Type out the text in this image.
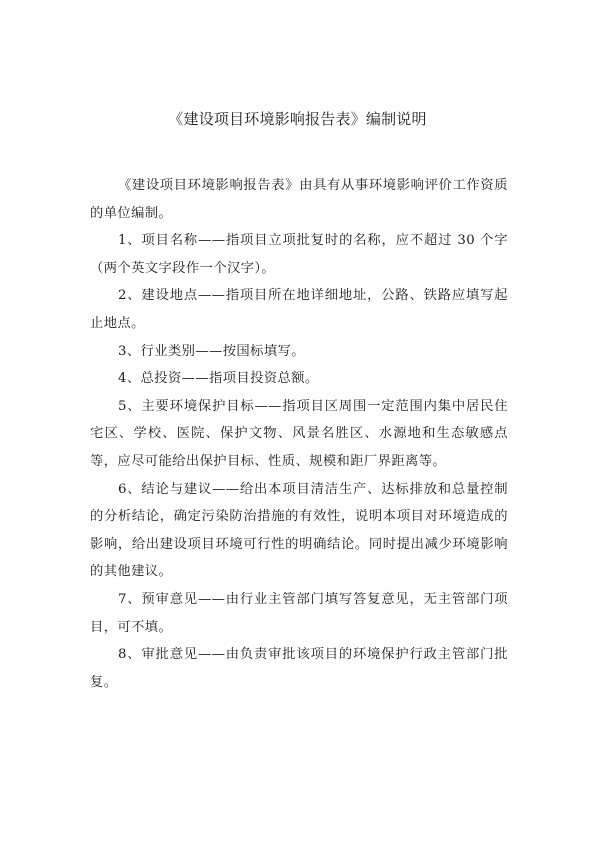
《建设项目环境影响报告表》编制说明

《建设项目环境影响报告表》由具有从事环境影响评价工作资质的单位编制。

1、项目名称——指项目立项批复时的名称，应不超过 30 个字（两个英文字段作一个汉字）。

2、建设地点——指项目所在地详细地址，公路、铁路应填写起止地点。

3、行业类别——按国标填写。

4、总投资——指项目投资总额。

5、主要环境保护目标——指项目区周围一定范围内集中居民住宅区、学校、医院、保护文物、风景名胜区、水源地和生态敏感点等，应尽可能给出保护目标、性质、规模和距厂界距离等。

6、结论与建议——给出本项目清洁生产、达标排放和总量控制的分析结论，确定污染防治措施的有效性，说明本项目对环境造成的影响，给出建设项目环境可行性的明确结论。同时提出减少环境影响的其他建议。

7、预审意见——由行业主管部门填写答复意见，无主管部门项目，可不填。

8、审批意见——由负责审批该项目的环境保护行政主管部门批复。
